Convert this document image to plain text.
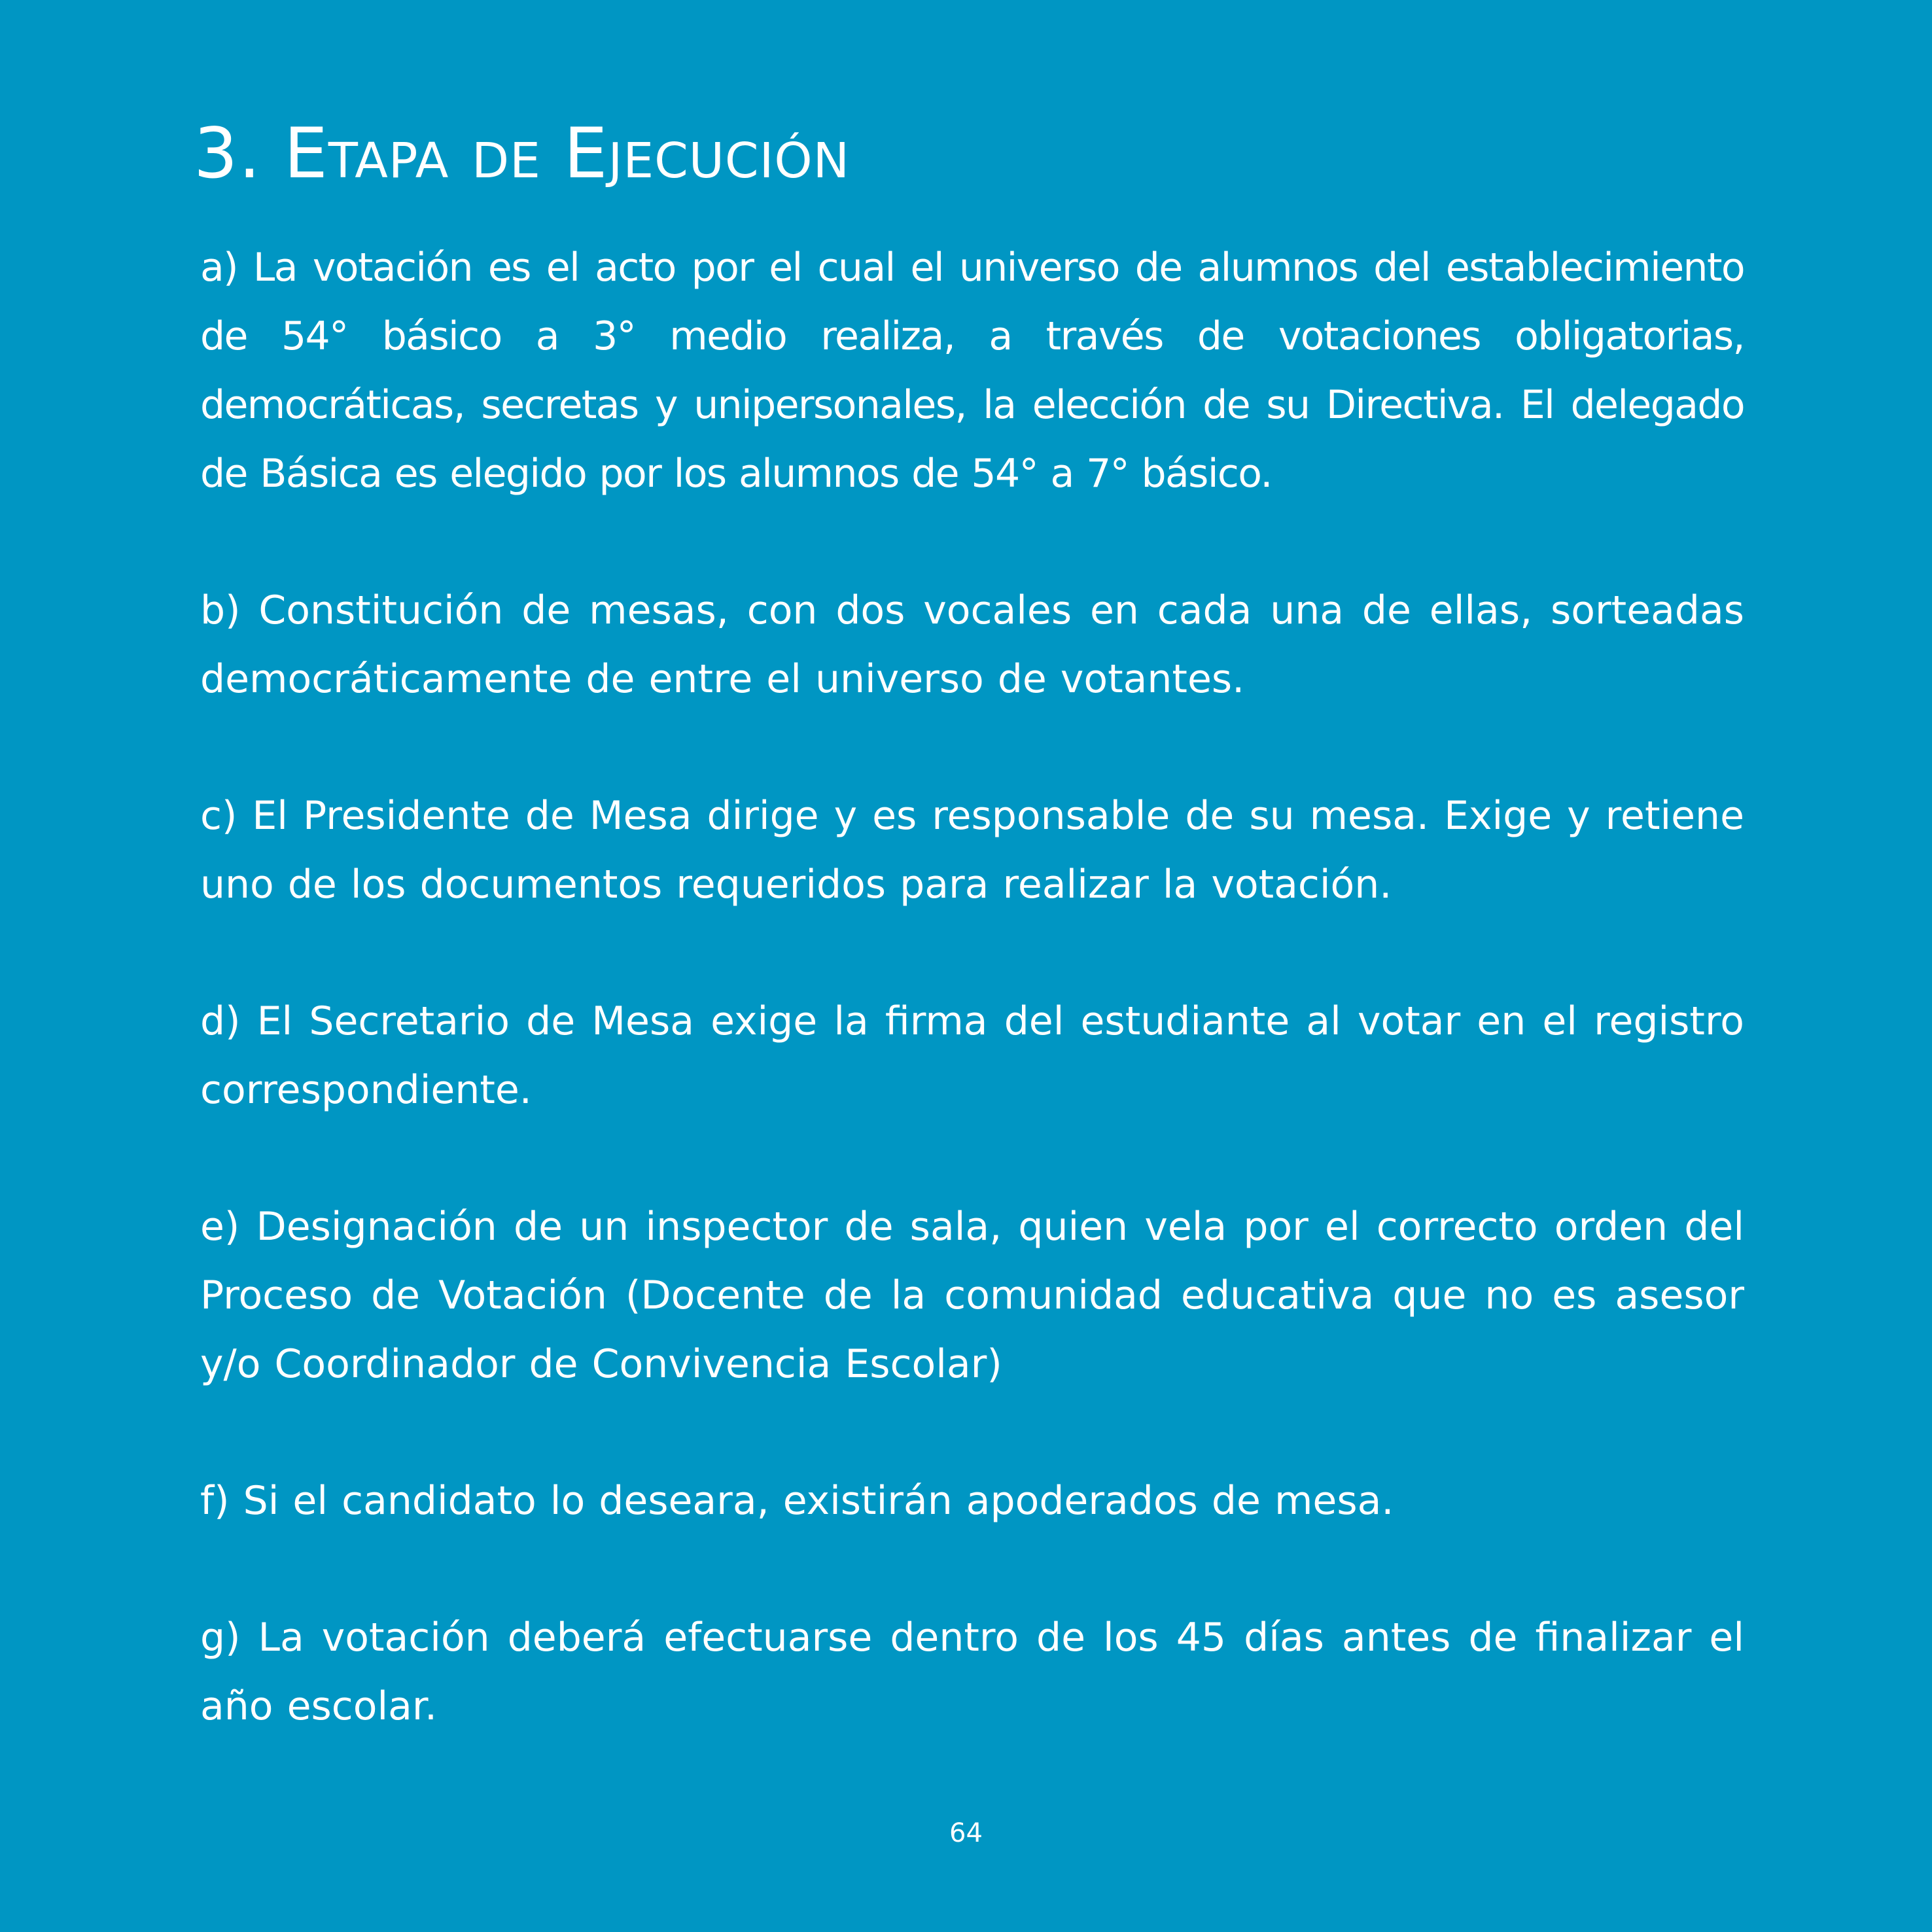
3. Etapa de Ejecución

a) La votación es el acto por el cual el universo de alumnos del establecimiento de 54° básico a 3° medio realiza, a través de votaciones obligatorias, democráticas, secretas y unipersonales, la elección de su Directiva. El delegado de Básica es elegido por los alumnos de 54° a 7° básico.

b) Constitución de mesas, con dos vocales en cada una de ellas, sorteadas democráticamente de entre el universo de votantes.

c) El Presidente de Mesa dirige y es responsable de su mesa. Exige y retiene uno de los documentos requeridos para realizar la votación.

d) El Secretario de Mesa exige la firma del estudiante al votar en el registro correspondiente.

e) Designación de un inspector de sala, quien vela por el correcto orden del Proceso de Votación (Docente de la comunidad educativa que no es asesor y/o Coordinador de Convivencia Escolar)

f) Si el candidato lo deseara, existirán apoderados de mesa.

g) La votación deberá efectuarse dentro de los 45 días antes de finalizar el año escolar.

64
